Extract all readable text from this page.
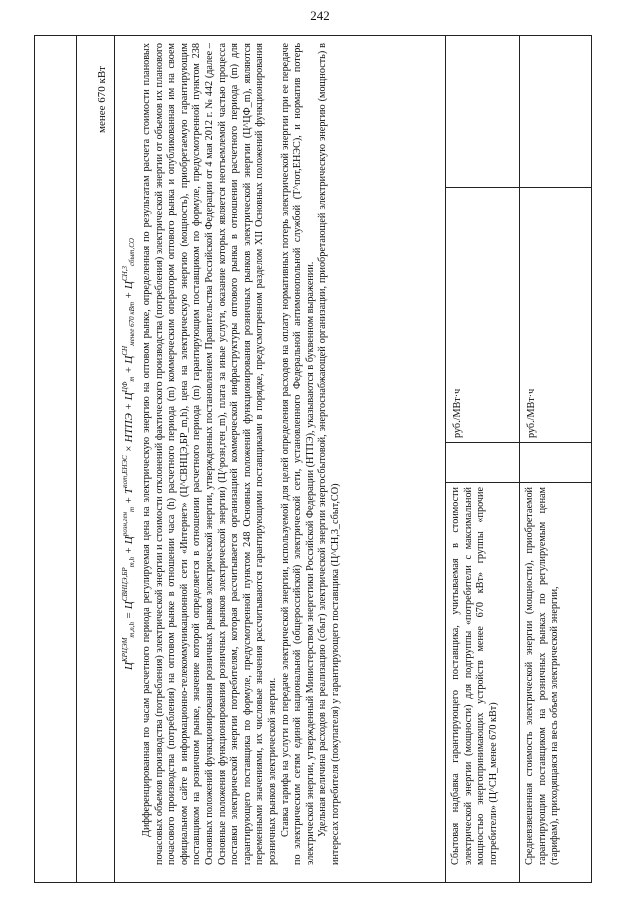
242
менее 670 кВт
$Ц^{КРЦЭМ}_{m,n,h} = Ц^{СВНЦЭ,БР}_{m,h} + Ц^{розн,ген}_m + T^{пот,ЕНЭС}$ × НТПЭ + $Ц^{ЦФ}_m + Ц^{СН}_{менее 670 кВт} + Ц^{СН,3}_{сбыт,СО}$ Дифференцированная по часам расчетного периода регулируемая цена на электрическую энергию на оптовом рынке, определенная по результатам расчета стоимости плановых почасовых объемов производства (потребления) электрической энергии и стоимости отклонений фактического производства (потребления) электрической энергии от объемов их планового почасового производства (потребления) на оптовом рынке в отношении часа (h) расчетного периода (m) коммерческим оператором оптового рынка и опубликованная им на своем официальном сайте в информационно-телекоммуникационной сети «Интернет» (Ц^СВНЦЭ,БР_m,h), цена на электрическую энергию (мощность), приобретаемую гарантирующим поставщиком на розничном рынке, значение которой определяется в отношении расчетного периода (m) гарантирующим поставщиком по формуле, предусмотренной пунктом 238 Основных положений функционирования розничных рынков электрической энергии, утвержденных постановлением Правительства Российской Федерации от 4 мая 2012 г. № 442 (далее – Основные положения функционирования розничных рынков электрической энергии) (Ц^розн,ген_m), плата за иные услуги, оказание которых является неотъемлемой частью процесса поставки электрической энергии потребителям, которая рассчитывается организацией коммерческой инфраструктуры оптового рынка в отношении расчетного периода (m) для гарантирующего поставщика по формуле, предусмотренной пунктом 248 Основных положений функционирования розничных рынков электрической энергии (Ц^ЦФ_m), являются переменными значениями, их числовые значения рассчитываются гарантирующими поставщиками в порядке, предусмотренном разделом XII Основных положений функционирования розничных рынков электрической энергии. Ставка тарифа на услуги по передаче электрической энергии, используемой для целей определения расходов на оплату нормативных потерь электрической энергии при ее передаче по электрическим сетям единой национальной (общероссийской) электрической сети, установленного Федеральной антимонопольной службой (T^пот,ЕНЭС), и норматив потерь электрической энергии, утвержденный Министерством энергетики Российской Федерации (НТПЭ), указываются в буквенном выражении. Удельная величина расходов на реализацию (сбыт) электрической энергии энергосбытовой, энергоснабжающей организации, приобретающей электрическую энергию (мощность) в интересах потребителя (покупателя) у гарантирующего поставщика (Ц^СН,3_сбыт,СО)	Сбытовая надбавка гарантирующего поставщика, учитываемая в стоимости электрической энергии (мощности) для подгруппы «потребители с максимальной мощностью энергопринимающих устройств менее 670 кВт» группы «прочие потребители» (Ц^СН_менее 670 кВт)
руб./МВт·ч
Средневзвешенная стоимость электрической энергии (мощности), приобретаемой гарантирующим поставщиком на розничных рынках по регулируемым ценам (тарифам), приходящаяся на весь объем электрической энергии,
руб./МВт·ч
